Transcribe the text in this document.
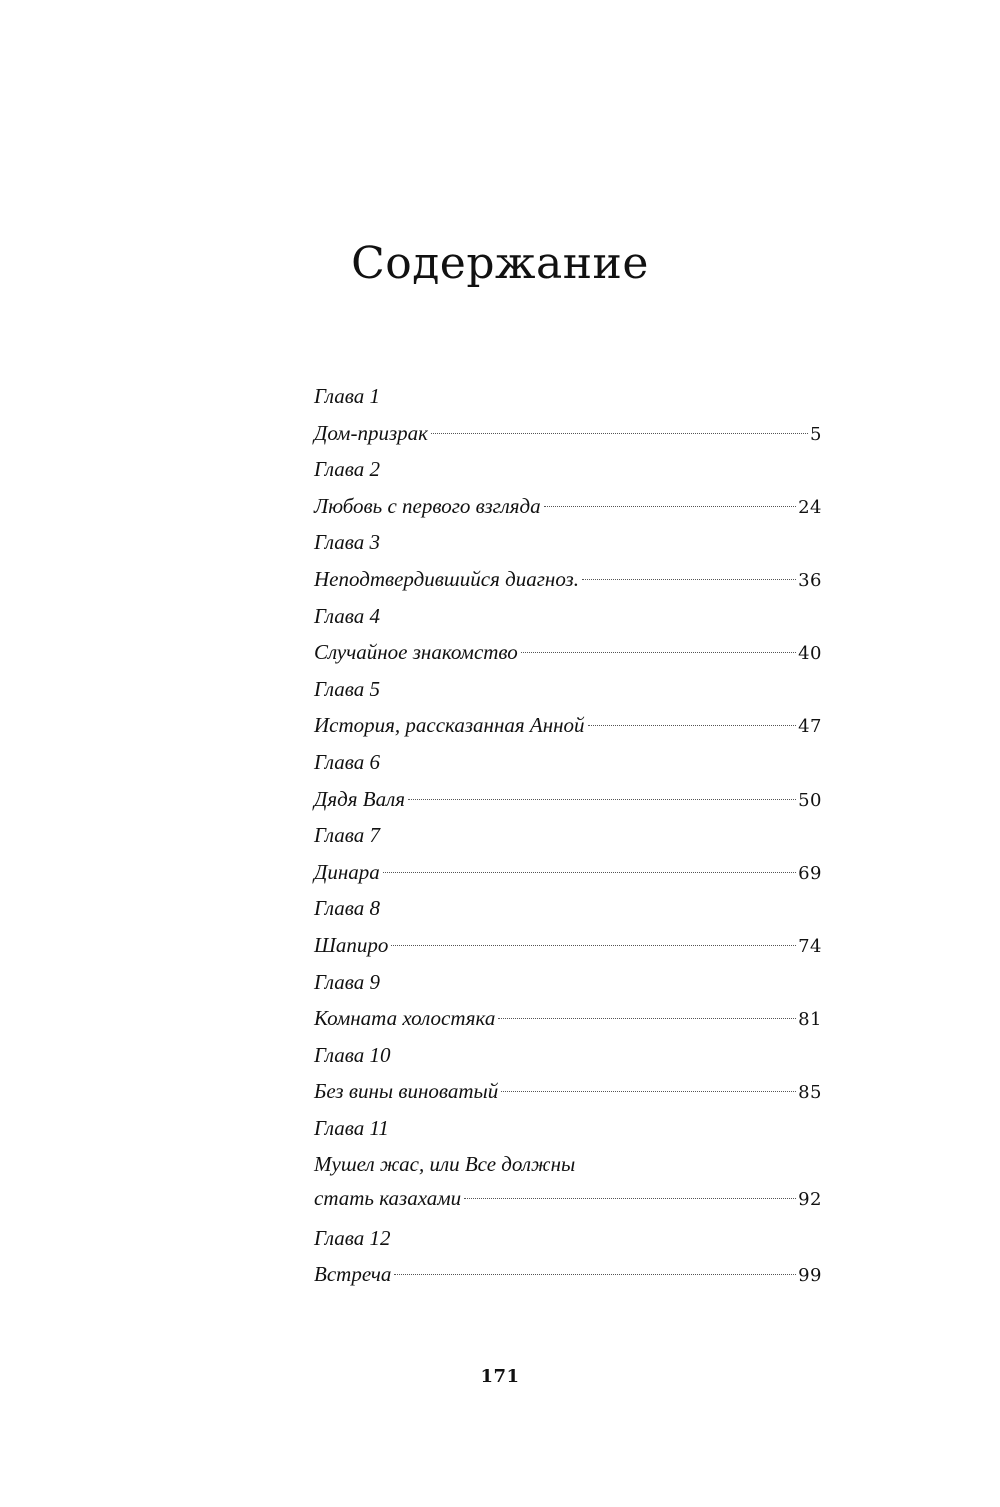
Содержание
Глава 1
Дом-призрак	5
Глава 2
Любовь с первого взгляда	24
Глава 3
Неподтвердившийся диагноз.	36
Глава 4
Случайное знакомство	40
Глава 5
История, рассказанная Анной	47
Глава 6
Дядя Валя	50
Глава 7
Динара	69
Глава 8
Шапиро	74
Глава 9
Комната холостяка	81
Глава 10
Без вины виноватый	85
Глава 11
Мушел жас, или Все должны
стать казахами	92
Глава 12
Встреча	99
171
